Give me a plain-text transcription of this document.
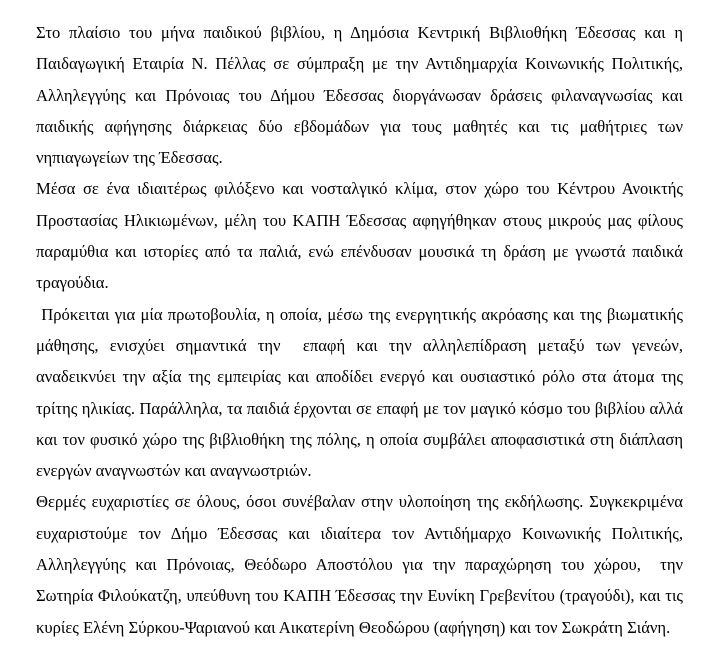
Στο πλαίσιο του μήνα παιδικού βιβλίου, η Δημόσια Κεντρική Βιβλιοθήκη Έδεσσας και η Παιδαγωγική Εταιρία Ν. Πέλλας σε σύμπραξη με την Αντιδημαρχία Κοινωνικής Πολιτικής, Αλληλεγγύης και Πρόνοιας του Δήμου Έδεσσας διοργάνωσαν δράσεις φιλαναγνωσίας και παιδικής αφήγησης διάρκειας δύο εβδομάδων για τους μαθητές και τις μαθήτριες των νηπιαγωγείων της Έδεσσας.

Μέσα σε ένα ιδιαιτέρως φιλόξενο και νοσταλγικό κλίμα, στον χώρο του Κέντρου Ανοικτής Προστασίας Ηλικιωμένων, μέλη του ΚΑΠΗ Έδεσσας αφηγήθηκαν στους μικρούς μας φίλους παραμύθια και ιστορίες από τα παλιά, ενώ επένδυσαν μουσικά τη δράση με γνωστά παιδικά τραγούδια.

Πρόκειται για μία πρωτοβουλία, η οποία, μέσω της ενεργητικής ακρόασης και της βιωματικής μάθησης, ενισχύει σημαντικά την  επαφή και την αλληλεπίδραση μεταξύ των γενεών, αναδεικνύει την αξία της εμπειρίας και αποδίδει ενεργό και ουσιαστικό ρόλο στα άτομα της τρίτης ηλικίας. Παράλληλα, τα παιδιά έρχονται σε επαφή με τον μαγικό κόσμο του βιβλίου αλλά και τον φυσικό χώρο της βιβλιοθήκη της πόλης, η οποία συμβάλει αποφασιστικά στη διάπλαση ενεργών αναγνωστών και αναγνωστριών.

Θερμές ευχαριστίες σε όλους, όσοι συνέβαλαν στην υλοποίηση της εκδήλωσης. Συγκεκριμένα ευχαριστούμε τον Δήμο Έδεσσας και ιδιαίτερα τον Αντιδήμαρχο Κοινωνικής Πολιτικής, Αλληλεγγύης και Πρόνοιας, Θεόδωρο Αποστόλου για την παραχώρηση του χώρου,  την Σωτηρία Φιλούκατζη, υπεύθυνη του ΚΑΠΗ Έδεσσας την Ευνίκη Γρεβενίτου (τραγούδι), και τις κυρίες Ελένη Σύρκου-Ψαριανού και Αικατερίνη Θεοδώρου (αφήγηση) και τον Σωκράτη Σιάνη.
